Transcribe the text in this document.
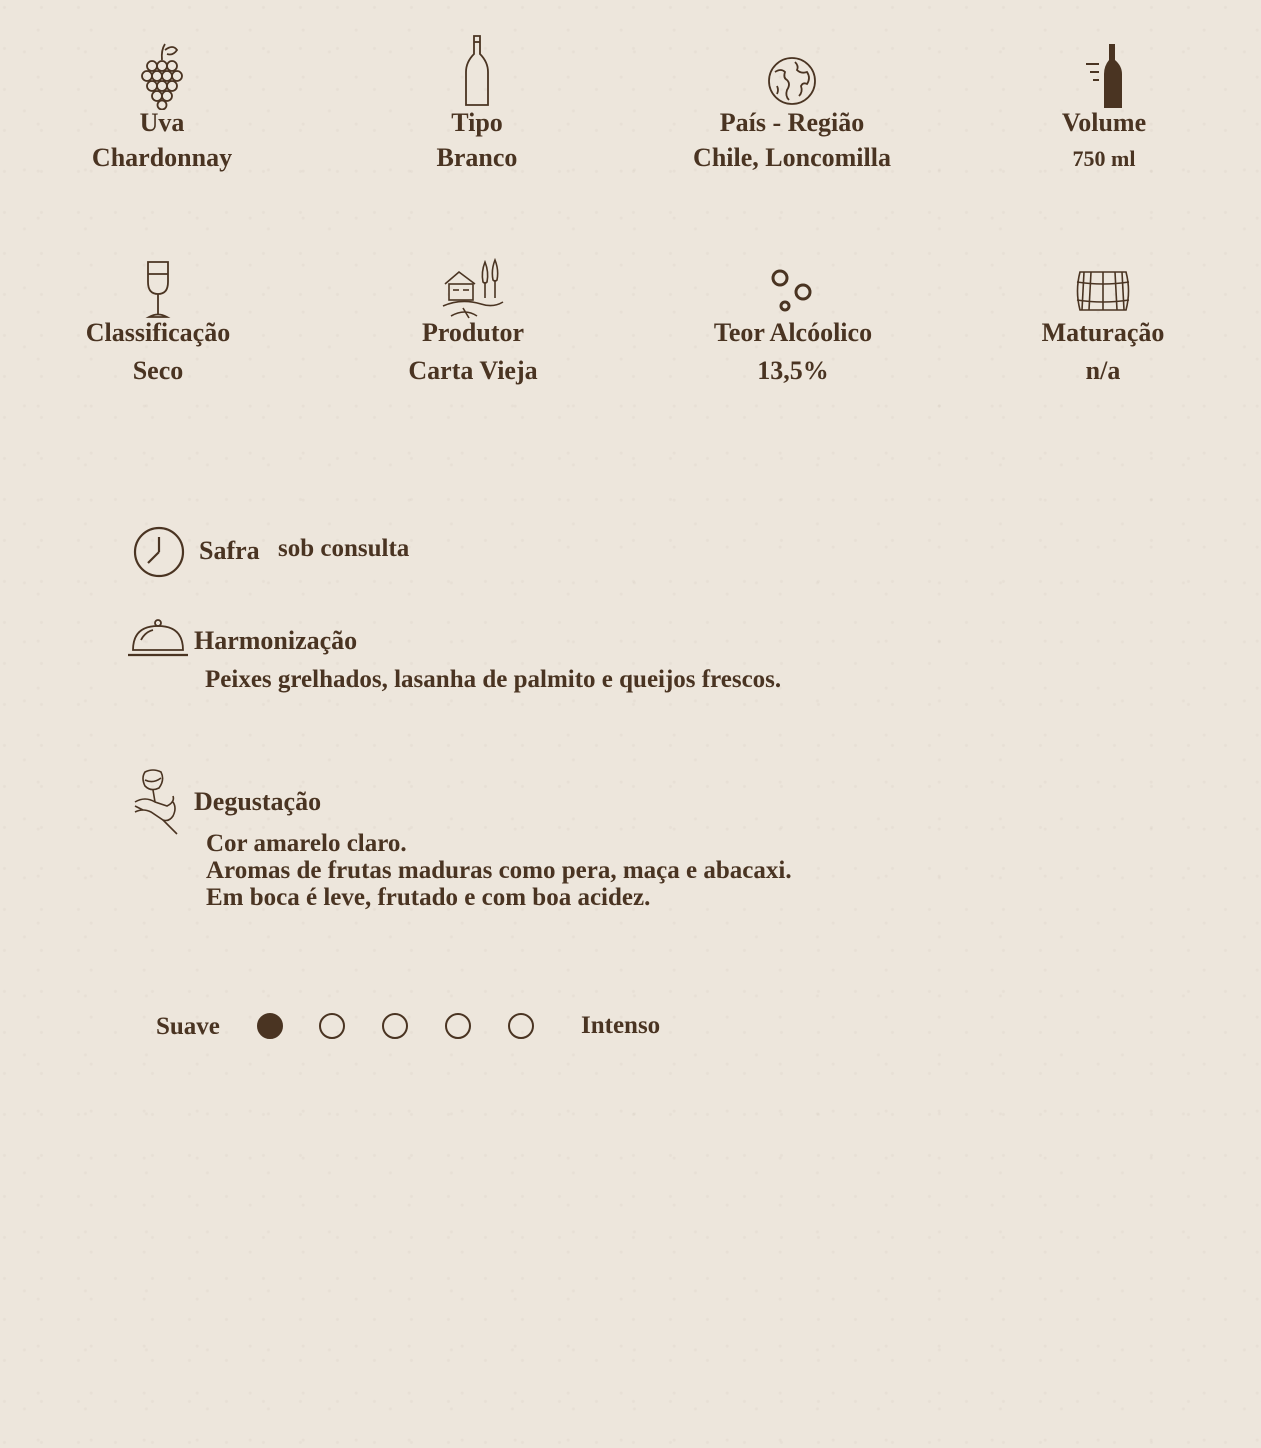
Uva
Chardonnay
Tipo
Branco
País - Região
Chile, Loncomilla
Volume
750 ml
Classificação
Seco
Produtor
Carta Vieja
Teor Alcóolico
13,5%
Maturação
n/a
Safra sob consulta
Harmonização
Peixes grelhados, lasanha de palmito e queijos frescos.
Degustação
Cor amarelo claro.
Aromas de frutas maduras como pera, maça e abacaxi.
Em boca é leve, frutado e com boa acidez.
Suave	Intenso
